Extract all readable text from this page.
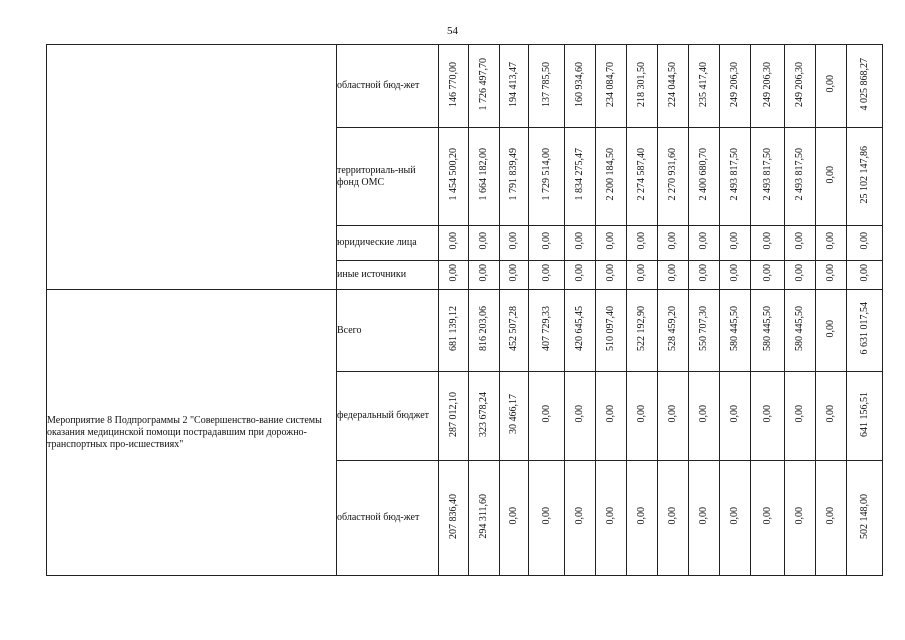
54
	областной бюд-жет	146 770,00	1 726 497,70	194 413,47	137 785,50	160 934,60	234 084,70	218 301,50	224 044,50	235 417,40	249 206,30	249 206,30	249 206,30	0,00	4 025 868,27
	территориаль-ный фонд ОМС	1 454 500,20	1 664 182,00	1 791 839,49	1 729 514,00	1 834 275,47	2 200 184,50	2 274 587,40	2 270 931,60	2 400 680,70	2 493 817,50	2 493 817,50	2 493 817,50	0,00	25 102 147,86
	юридические лица	0,00	0,00	0,00	0,00	0,00	0,00	0,00	0,00	0,00	0,00	0,00	0,00	0,00	0,00
	иные источники	0,00	0,00	0,00	0,00	0,00	0,00	0,00	0,00	0,00	0,00	0,00	0,00	0,00	0,00
Мероприятие 8 Подпрограммы 2 "Совершенство-вание системы оказания медицинской помощи пострадавшим при дорожно-транспортных про-исшествиях"	Всего	681 139,12	816 203,06	452 507,28	407 729,33	420 645,45	510 097,40	522 192,90	528 459,20	550 707,30	580 445,50	580 445,50	580 445,50	0,00	6 631 017,54
	федеральный бюджет	287 012,10	323 678,24	30 466,17	0,00	0,00	0,00	0,00	0,00	0,00	0,00	0,00	0,00	0,00	641 156,51
	областной бюд-жет	207 836,40	294 311,60	0,00	0,00	0,00	0,00	0,00	0,00	0,00	0,00	0,00	0,00	0,00	502 148,00
